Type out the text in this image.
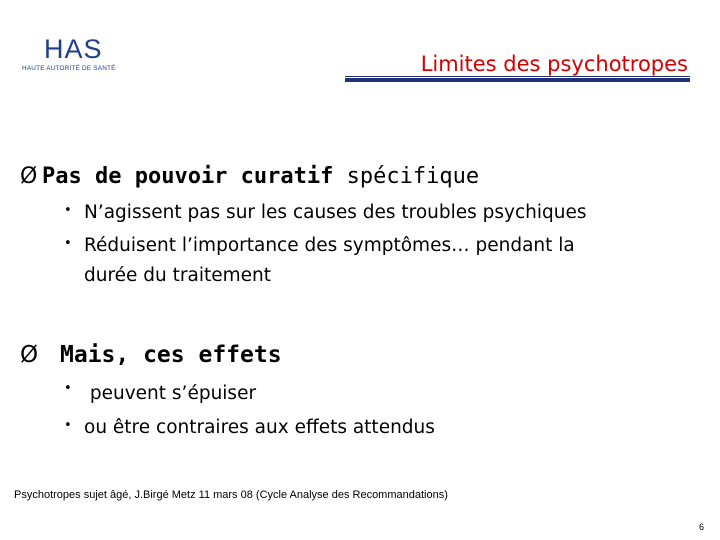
HAS
HAUTE AUTORITÉ DE SANTÉ	Limites des psychotropes
Ø Pas de pouvoir curatif spécifique
• N’agissent pas sur les causes des troubles psychiques
• Réduisent l’importance des symptômes… pendant la
durée du traitement
Ø Mais, ces effets
• peuvent s’épuiser
• ou être contraires aux effets attendus
Psychotropes sujet âgé, J.Birgé Metz 11 mars 08 (Cycle Analyse des Recommandations)
6
